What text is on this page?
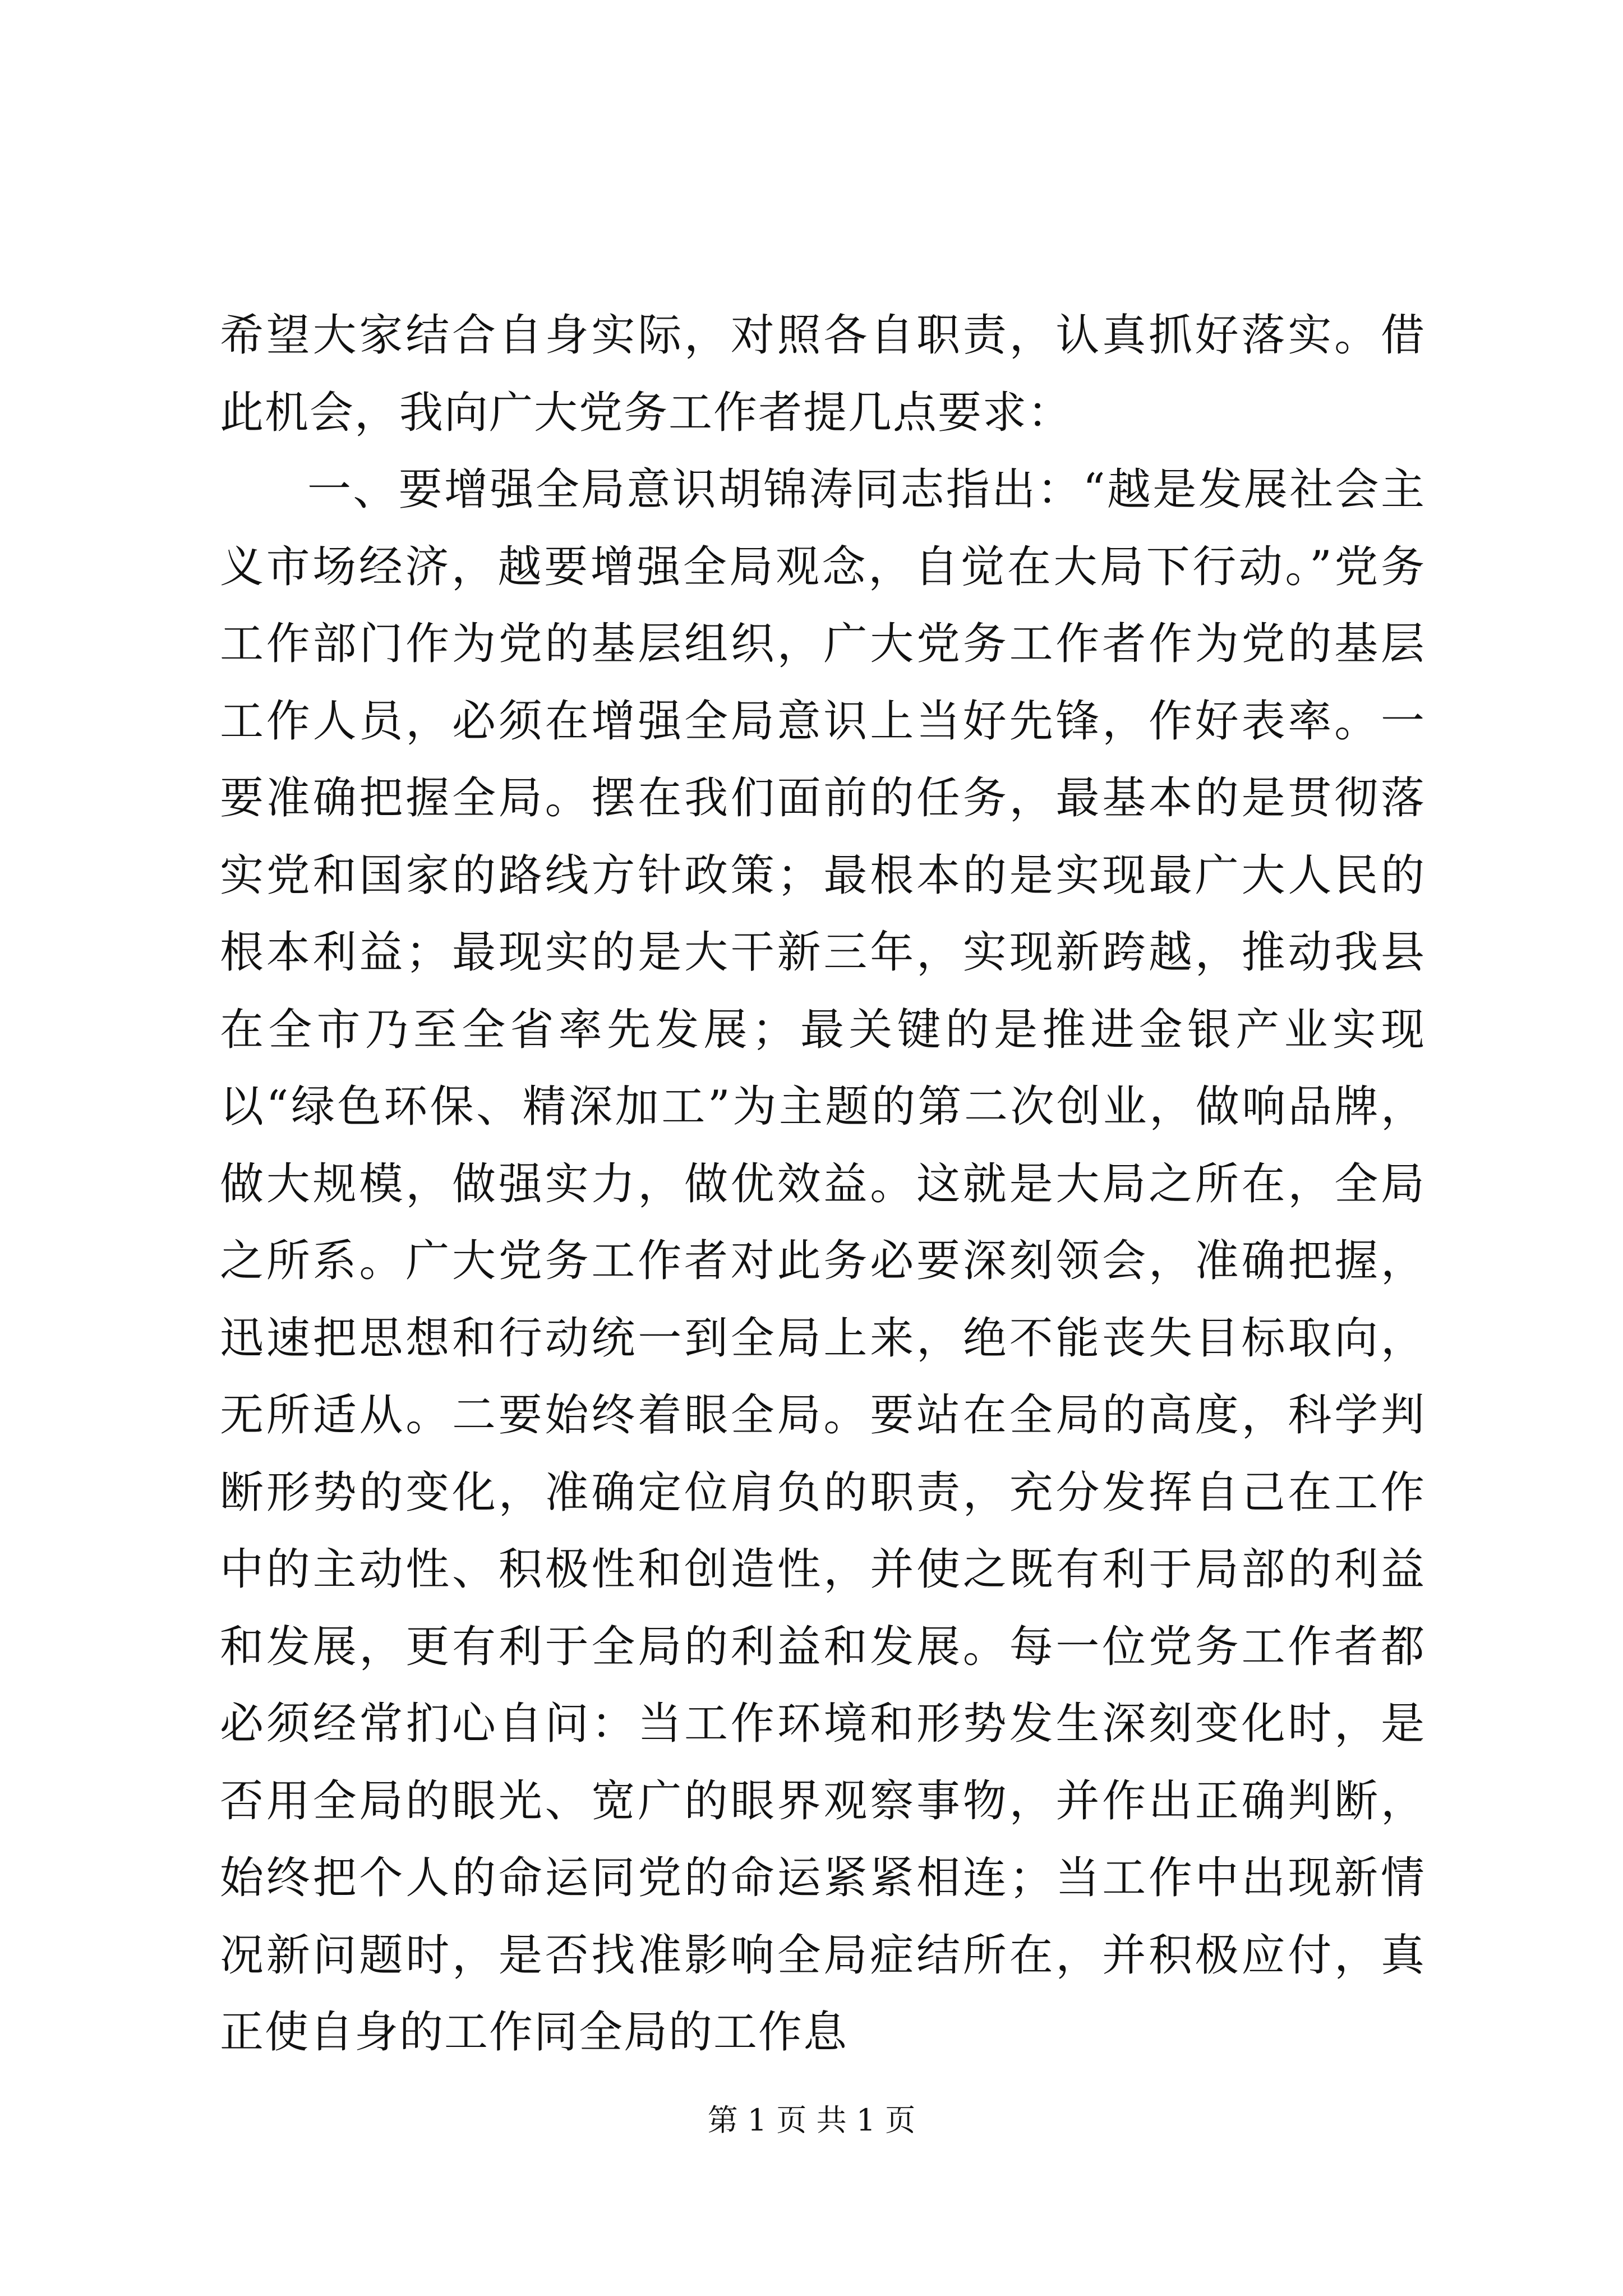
希望大家结合自身实际，对照各自职责，认真抓好落实。借此机会，我向广大党务工作者提几点要求：

一、要增强全局意识胡锦涛同志指出：“越是发展社会主义市场经济，越要增强全局观念，自觉在大局下行动。”党务工作部门作为党的基层组织，广大党务工作者作为党的基层工作人员，必须在增强全局意识上当好先锋，作好表率。一要准确把握全局。摆在我们面前的任务，最基本的是贯彻落实党和国家的路线方针政策；最根本的是实现最广大人民的根本利益；最现实的是大干新三年，实现新跨越，推动我县在全市乃至全省率先发展；最关键的是推进金银产业实现以“绿色环保、精深加工”为主题的第二次创业，做响品牌，做大规模，做强实力，做优效益。这就是大局之所在，全局之所系。广大党务工作者对此务必要深刻领会，准确把握，迅速把思想和行动统一到全局上来，绝不能丧失目标取向，无所适从。二要始终着眼全局。要站在全局的高度，科学判断形势的变化，准确定位肩负的职责，充分发挥自己在工作中的主动性、积极性和创造性，并使之既有利于局部的利益和发展，更有利于全局的利益和发展。每一位党务工作者都必须经常扪心自问：当工作环境和形势发生深刻变化时，是否用全局的眼光、宽广的眼界观察事物，并作出正确判断，始终把个人的命运同党的命运紧紧相连；当工作中出现新情况新问题时，是否找准影响全局症结所在，并积极应付，真正使自身的工作同全局的工作息

第 1 页 共 1 页
